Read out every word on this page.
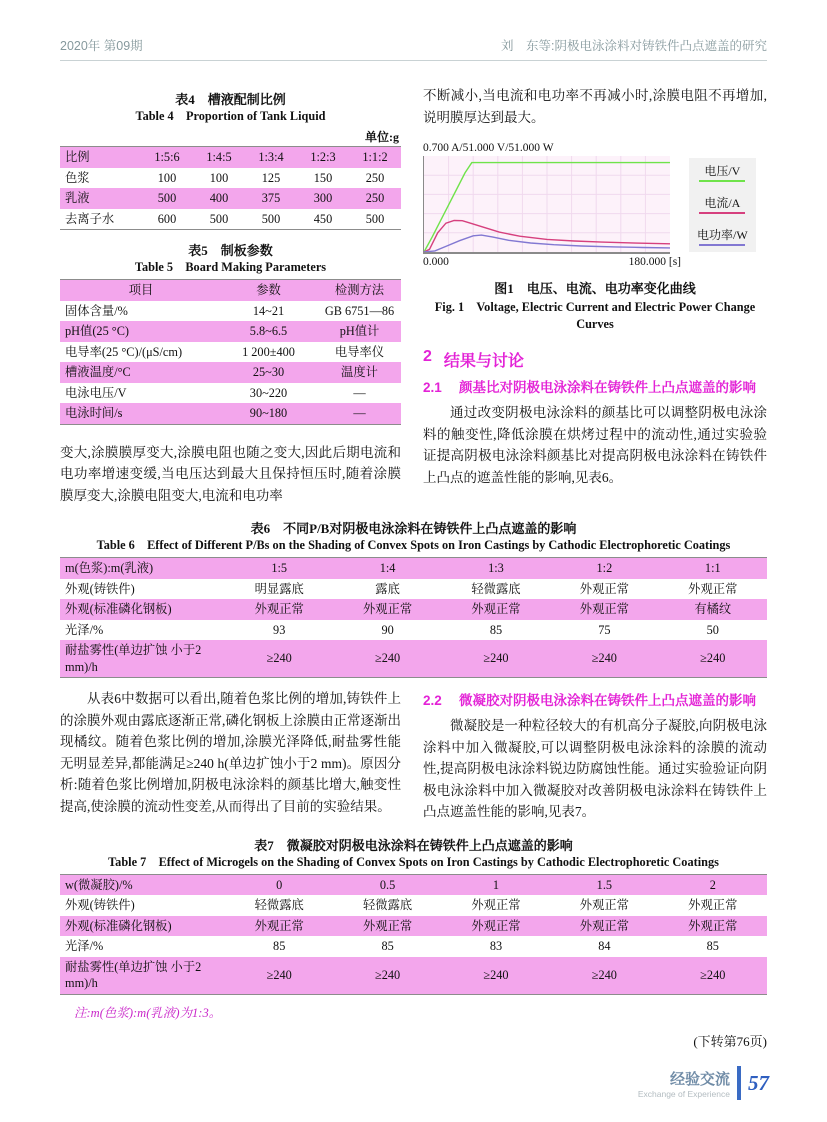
2020年 第09期	刘　东等:阴极电泳涂料对铸铁件凸点遮盖的研究

表4　槽液配制比例

Table 4　Proportion of Tank Liquid

单位:g

比例	1:5:6	1:4:5	1:3:4	1:2:3	1:1:2
色浆	100	100	125	150	250
乳液	500	400	375	300	250
去离子水	600	500	500	450	500

表5　制板参数

Table 5　Board Making Parameters

项目	参数	检测方法
固体含量/%	14~21	GB 6751—86
pH值(25 °C)	5.8~6.5	pH值计
电导率(25 °C)/(μS/cm)	1 200±400	电导率仪
槽液温度/°C	25~30	温度计
电泳电压/V	30~220	—
电泳时间/s	90~180	—

变大,涂膜膜厚变大,涂膜电阻也随之变大,因此后期电流和电功率增速变缓,当电压达到最大且保持恒压时,随着涂膜膜厚变大,涂膜电阻变大,电流和电功率

不断减小,当电流和电功率不再减小时,涂膜电阻不再增加,说明膜厚达到最大。

0.700 A/51.000 V/51.000 W

0.000	180.000 [s]
电压/V
电流/A
电功率/W

图1　电压、电流、电功率变化曲线

Fig. 1　Voltage, Electric Current and Electric Power Change Curves

2 结果与讨论
2.1	颜基比对阴极电泳涂料在铸铁件上凸点遮盖的影响

通过改变阴极电泳涂料的颜基比可以调整阴极电泳涂料的触变性,降低涂膜在烘烤过程中的流动性,通过实验验证提高阴极电泳涂料颜基比对提高阴极电泳涂料在铸铁件上凸点的遮盖性能的影响,见表6。

表6　不同P/B对阴极电泳涂料在铸铁件上凸点遮盖的影响

Table 6　Effect of Different P/Bs on the Shading of Convex Spots on Iron Castings by Cathodic Electrophoretic Coatings

m(色浆):m(乳液)	1:5	1:4	1:3	1:2	1:1
外观(铸铁件)	明显露底	露底	轻微露底	外观正常	外观正常
外观(标准磷化钢板)	外观正常	外观正常	外观正常	外观正常	有橘纹
光泽/%	93	90	85	75	50
耐盐雾性(单边扩蚀 小于2 mm)/h	≥240	≥240	≥240	≥240	≥240

从表6中数据可以看出,随着色浆比例的增加,铸铁件上的涂膜外观由露底逐渐正常,磷化钢板上涂膜由正常逐渐出现橘纹。随着色浆比例的增加,涂膜光泽降低,耐盐雾性能无明显差异,都能满足≥240 h(单边扩蚀小于2 mm)。原因分析:随着色浆比例增加,阴极电泳涂料的颜基比增大,触变性提高,使涂膜的流动性变差,从而得出了目前的实验结果。

2.2	微凝胶对阴极电泳涂料在铸铁件上凸点遮盖的影响

微凝胶是一种粒径较大的有机高分子凝胶,向阴极电泳涂料中加入微凝胶,可以调整阴极电泳涂料的涂膜的流动性,提高阴极电泳涂料锐边防腐蚀性能。通过实验验证向阴极电泳涂料中加入微凝胶对改善阴极电泳涂料在铸铁件上凸点遮盖性能的影响,见表7。

表7　微凝胶对阴极电泳涂料在铸铁件上凸点遮盖的影响

Table 7　Effect of Microgels on the Shading of Convex Spots on Iron Castings by Cathodic Electrophoretic Coatings

w(微凝胶)/%	0	0.5	1	1.5	2
外观(铸铁件)	轻微露底	轻微露底	外观正常	外观正常	外观正常
外观(标准磷化钢板)	外观正常	外观正常	外观正常	外观正常	外观正常
光泽/%	85	85	83	84	85
耐盐雾性(单边扩蚀 小于2 mm)/h	≥240	≥240	≥240	≥240	≥240

注:m(色浆):m(乳液)为1:3。

(下转第76页)

经验交流
Exchange of Experience 57
